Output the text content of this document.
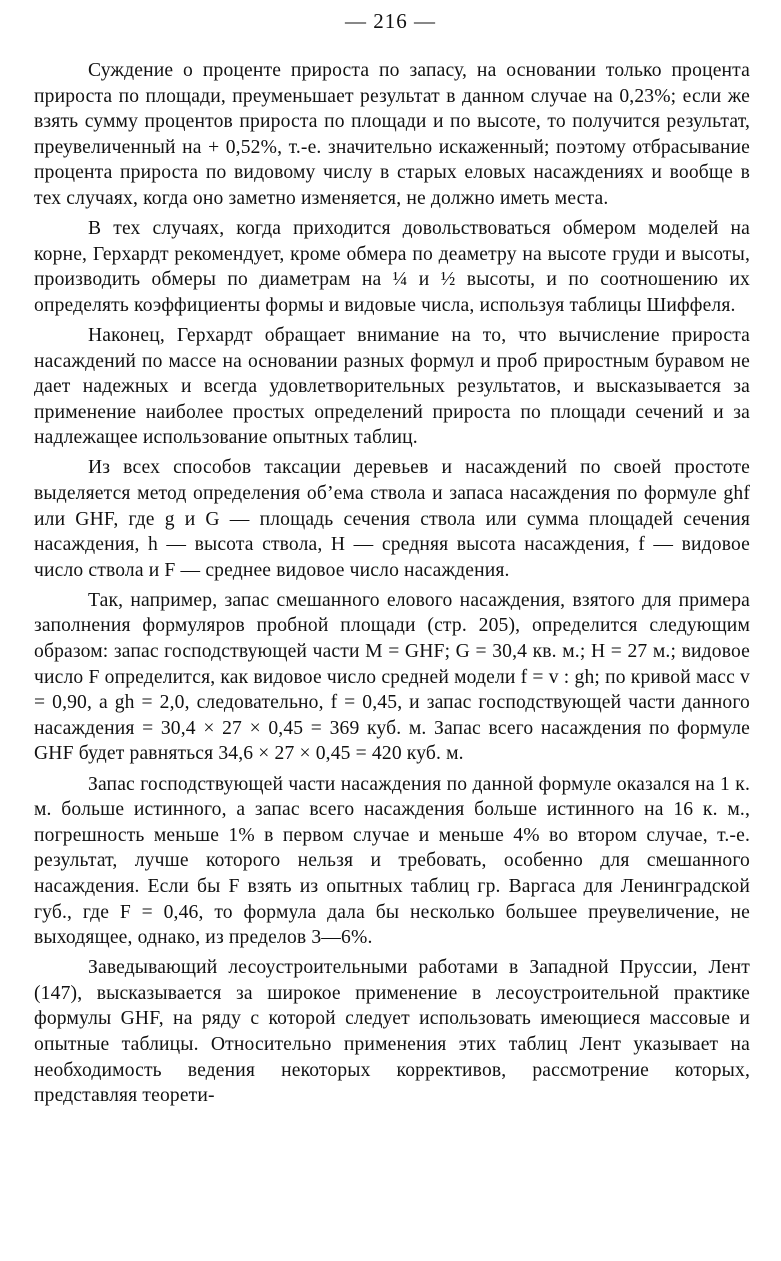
— 216 —

Суждение о проценте прироста по запасу, на основании только процента прироста по площади, преуменьшает результат в данном случае на 0,23%; если же взять сумму процентов прироста по площади и по высоте, то получится результат, преувеличенный на + 0,52%, т.-е. значительно искаженный; поэтому отбрасывание процента прироста по видовому числу в старых еловых насаждениях и вообще в тех случаях, когда оно заметно изменяется, не должно иметь места.

В тех случаях, когда приходится довольствоваться обмером моделей на корне, Герхардт рекомендует, кроме обмера по деаметру на высоте груди и высоты, производить обмеры по диаметрам на ¼ и ½ высоты, и по соотношению их определять коэффициенты формы и видовые числа, используя таблицы Шиффеля.

Наконец, Герхардт обращает внимание на то, что вычисление прироста насаждений по массе на основании разных формул и проб приростным буравом не дает надежных и всегда удовлетворительных результатов, и высказывается за применение наиболее простых определений прироста по площади сечений и за надлежащее использование опытных таблиц.

Из всех способов таксации деревьев и насаждений по своей простоте выделяется метод определения об’ема ствола и запаса насаждения по формуле ghf или GHF, где g и G — площадь сечения ствола или сумма площадей сечения насаждения, h — высота ствола, H — средняя высота насаждения, f — видовое число ствола и F — среднее видовое число насаждения.

Так, например, запас смешанного елового насаждения, взятого для примера заполнения формуляров пробной площади (стр. 205), определится следующим образом: запас господствующей части M = GHF; G = 30,4 кв. м.; H = 27 м.; видовое число F определится, как видовое число средней модели f = v : gh; по кривой масс v = 0,90, a gh = 2,0, следовательно, f = 0,45, и запас господствующей части данного насаждения = 30,4 × 27 × 0,45 = 369 куб. м. Запас всего насаждения по формуле GHF будет равняться 34,6 × 27 × 0,45 = 420 куб. м.

Запас господствующей части насаждения по данной формуле оказался на 1 к. м. больше истинного, а запас всего насаждения больше истинного на 16 к. м., погрешность меньше 1% в первом случае и меньше 4% во втором случае, т.-е. результат, лучше которого нельзя и требовать, особенно для смешанного насаждения. Если бы F взять из опытных таблиц гр. Варгаса для Ленинградской губ., где F = 0,46, то формула дала бы несколько большее преувеличение, не выходящее, однако, из пределов 3—6%.

Заведывающий лесоустроительными работами в Западной Пруссии, Лент (147), высказывается за широкое применение в лесоустроительной практике формулы GHF, на ряду с которой следует использовать имеющиеся массовые и опытные таблицы. Относительно применения этих таблиц Лент указывает на необходимость ведения некоторых коррективов, рассмотрение которых, представляя теорети-
